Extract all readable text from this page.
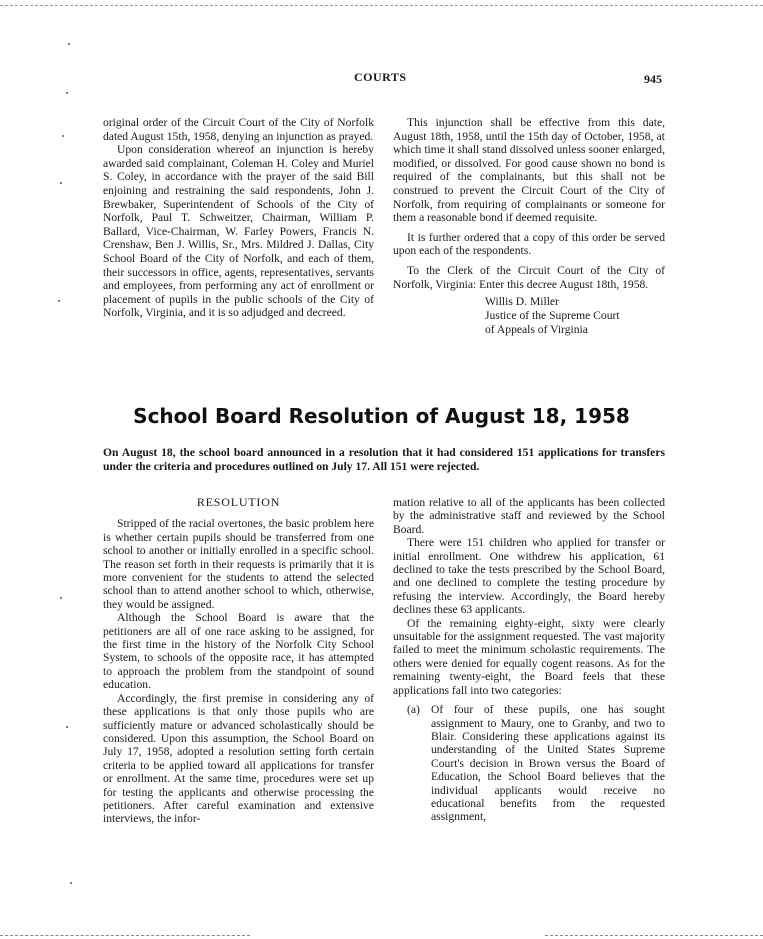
COURTS	945

original order of the Circuit Court of the City of Norfolk dated August 15th, 1958, denying an injunction as prayed.

Upon consideration whereof an injunction is hereby awarded said complainant, Coleman H. Coley and Muriel S. Coley, in accordance with the prayer of the said Bill enjoining and restraining the said respondents, John J. Brewbaker, Superintendent of Schools of the City of Norfolk, Paul T. Schweitzer, Chairman, William P. Ballard, Vice-Chairman, W. Farley Powers, Francis N. Crenshaw, Ben J. Willis, Sr., Mrs. Mildred J. Dallas, City School Board of the City of Norfolk, and each of them, their successors in office, agents, representatives, servants and employees, from performing any act of enrollment or placement of pupils in the public schools of the City of Norfolk, Virginia, and it is so adjudged and decreed.

This injunction shall be effective from this date, August 18th, 1958, until the 15th day of October, 1958, at which time it shall stand dissolved unless sooner enlarged, modified, or dissolved. For good cause shown no bond is required of the complainants, but this shall not be construed to prevent the Circuit Court of the City of Norfolk, from requiring of complainants or someone for them a reasonable bond if deemed requisite.

It is further ordered that a copy of this order be served upon each of the respondents.

To the Clerk of the Circuit Court of the City of Norfolk, Virginia: Enter this decree August 18th, 1958.

Willis D. Miller
Justice of the Supreme Court
of Appeals of Virginia
School Board Resolution of August 18, 1958
On August 18, the school board announced in a resolution that it had considered 151 applications for transfers under the criteria and procedures outlined on July 17. All 151 were rejected.
RESOLUTION

Stripped of the racial overtones, the basic problem here is whether certain pupils should be transferred from one school to another or initially enrolled in a specific school. The reason set forth in their requests is primarily that it is more convenient for the students to attend the selected school than to attend another school to which, otherwise, they would be assigned.

Although the School Board is aware that the petitioners are all of one race asking to be assigned, for the first time in the history of the Norfolk City School System, to schools of the opposite race, it has attempted to approach the problem from the standpoint of sound education.

Accordingly, the first premise in considering any of these applications is that only those pupils who are sufficiently mature or advanced scholastically should be considered. Upon this assumption, the School Board on July 17, 1958, adopted a resolution setting forth certain criteria to be applied toward all applications for transfer or enrollment. At the same time, procedures were set up for testing the applicants and otherwise processing the petitioners. After careful examination and extensive interviews, the infor-

mation relative to all of the applicants has been collected by the administrative staff and reviewed by the School Board.

There were 151 children who applied for transfer or initial enrollment. One withdrew his application, 61 declined to take the tests prescribed by the School Board, and one declined to complete the testing procedure by refusing the interview. Accordingly, the Board hereby declines these 63 applicants.

Of the remaining eighty-eight, sixty were clearly unsuitable for the assignment requested. The vast majority failed to meet the minimum scholastic requirements. The others were denied for equally cogent reasons. As for the remaining twenty-eight, the Board feels that these applications fall into two categories:

(a) Of four of these pupils, one has sought assignment to Maury, one to Granby, and two to Blair. Considering these applications against its understanding of the United States Supreme Court's decision in Brown versus the Board of Education, the School Board believes that the individual applicants would receive no educational benefits from the requested assignment,
